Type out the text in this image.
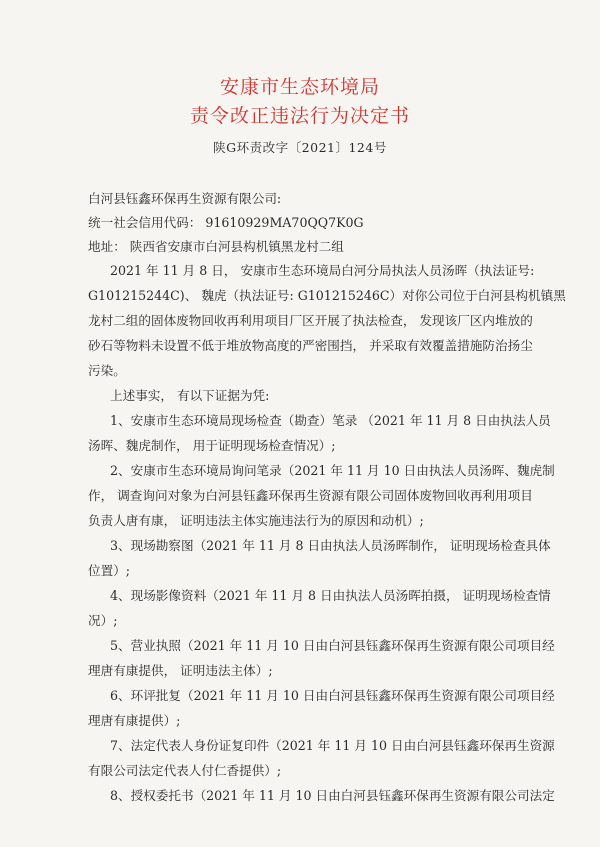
安康市生态环境局
责令改正违法行为决定书
陕G环责改字〔2021〕124号
白河县钰鑫环保再生资源有限公司:
统一社会信用代码： 91610929MA70QQ7K0G
地址： 陕西省安康市白河县构机镇黑龙村二组
2021 年 11 月 8 日， 安康市生态环境局白河分局执法人员汤晖（执法证号:
G101215244C)、 魏虎（执法证号: G101215246C）对你公司位于白河县构机镇黑
龙村二组的固体废物回收再利用项目厂区开展了执法检查， 发现该厂区内堆放的
砂石等物料未设置不低于堆放物高度的严密围挡， 并采取有效覆盖措施防治扬尘
污染。
上述事实， 有以下证据为凭:
1、安康市生态环境局现场检查（勘查）笔录 （2021 年 11 月 8 日由执法人员
汤晖、魏虎制作， 用于证明现场检查情况）;
2、安康市生态环境局询问笔录（2021 年 11 月 10 日由执法人员汤晖、魏虎制
作， 调查询问对象为白河县钰鑫环保再生资源有限公司固体废物回收再利用项目
负责人唐有康， 证明违法主体实施违法行为的原因和动机）;
3、现场勘察图（2021 年 11 月 8 日由执法人员汤晖制作， 证明现场检查具体
位置）;
4、现场影像资料（2021 年 11 月 8 日由执法人员汤晖拍摄， 证明现场检查情
况）;
5、营业执照（2021 年 11 月 10 日由白河县钰鑫环保再生资源有限公司项目经
理唐有康提供， 证明违法主体）;
6、环评批复（2021 年 11 月 10 日由白河县钰鑫环保再生资源有限公司项目经
理唐有康提供）;
7、法定代表人身份证复印件（2021 年 11 月 10 日由白河县钰鑫环保再生资源
有限公司法定代表人付仁香提供）;
8、授权委托书（2021 年 11 月 10 日由白河县钰鑫环保再生资源有限公司法定
